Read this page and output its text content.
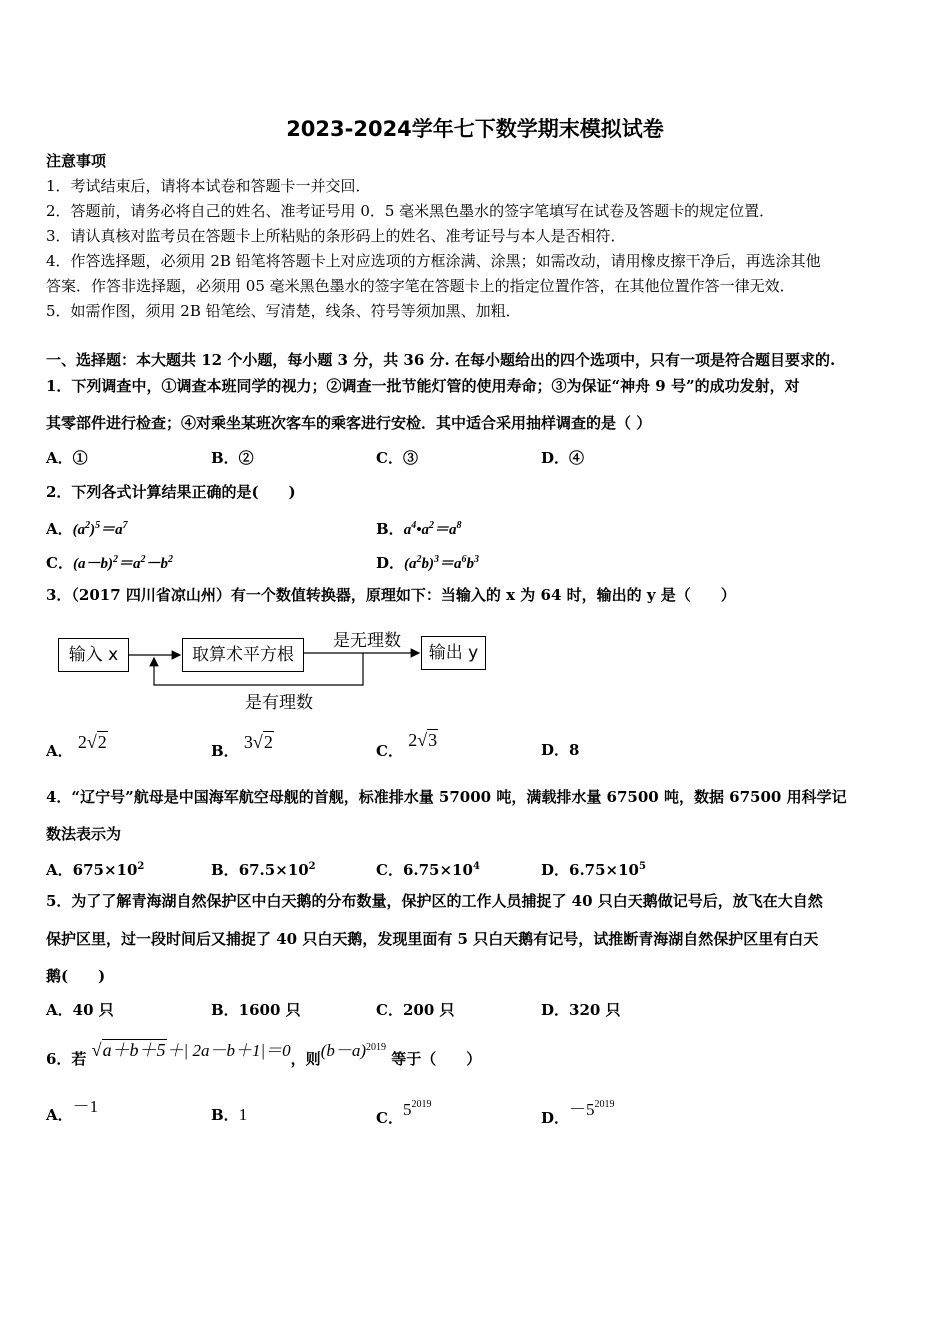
2023-2024学年七下数学期末模拟试卷
注意事项
1．考试结束后，请将本试卷和答题卡一并交回．
2．答题前，请务必将自己的姓名、准考证号用 0．5 毫米黑色墨水的签字笔填写在试卷及答题卡的规定位置．
3．请认真核对监考员在答题卡上所粘贴的条形码上的姓名、准考证号与本人是否相符．
4．作答选择题，必须用 2B 铅笔将答题卡上对应选项的方框涂满、涂黑；如需改动，请用橡皮擦干净后，再选涂其他
答案．作答非选择题，必须用 05 毫米黑色墨水的签字笔在答题卡上的指定位置作答，在其他位置作答一律无效．
5．如需作图，须用 2B 铅笔绘、写清楚，线条、符号等须加黑、加粗．
一、选择题：本大题共 12 个小题，每小题 3 分，共 36 分. 在每小题给出的四个选项中，只有一项是符合题目要求的.
1．下列调查中，①调查本班同学的视力；②调查一批节能灯管的使用寿命；③为保证“神舟 9 号”的成功发射，对
其零部件进行检查；④对乘坐某班次客车的乘客进行安检．其中适合采用抽样调查的是（ ）
A．①	B．②	C．③	D．④
2．下列各式计算结果正确的是(　　)
A．$(a^2)^5=a^7$	B．$a^4•a^2=a^8$
C．$(a-b)^2=a^2-b^2$	D．$(a^2b)^3=a^6b^3$
3．（2017 四川省凉山州）有一个数值转换器，原理如下：当输入的 x 为 64 时，输出的 y 是（　　）
输入 x	取算术平方根	输出 y
是无理数
是有理数
A． 2√2	B． 3√2	C． 2√3	D．8
4．“辽宁号”航母是中国海军航空母舰的首舰，标准排水量 57000 吨，满载排水量 67500 吨，数据 67500 用科学记
数法表示为
A．$675\times 10^2$	B．$67.5\times 10^2$	C．$6.75\times 10^4$	D．$6.75\times 10^5$
5．为了了解青海湖自然保护区中白天鹅的分布数量，保护区的工作人员捕捉了 40 只白天鹅做记号后，放飞在大自然
保护区里，过一段时间后又捕捉了 40 只白天鹅，发现里面有 5 只白天鹅有记号，试推断青海湖自然保护区里有白天
鹅(　　)
A．40 只	B．1600 只	C．200 只	D．320 只
6．若 √a＋b＋5＋| 2a－b＋1|＝0，则$(b-a)^{2019}$ 等于（　　）
A．－1	B．1	C．$5^{2019}$
D．$-5^{2019}$
